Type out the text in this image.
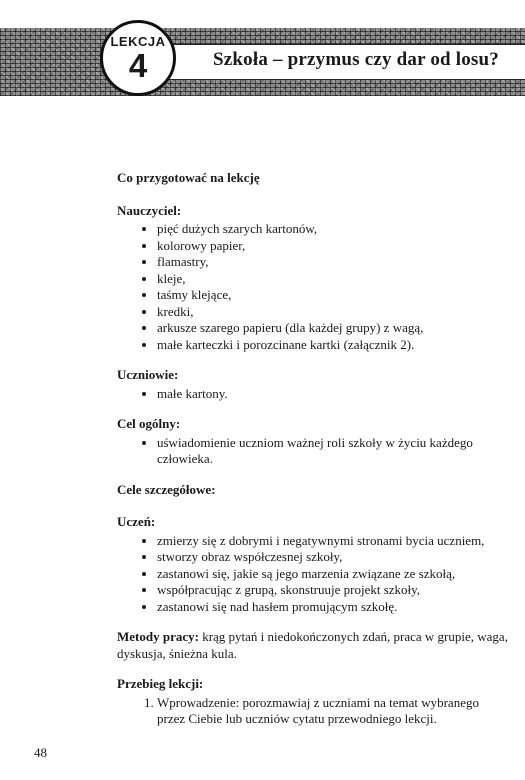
Szkoła – przymus czy dar od losu?
LEKCJA
4

Co przygotować na lekcję

Nauczyciel:

• pięć dużych szarych kartonów,
• kolorowy papier,
• flamastry,
• kleje,
• taśmy klejące,
• kredki,
• arkusze szarego papieru (dla każdej grupy) z wagą,
• małe karteczki i porozcinane kartki (załącznik 2).

Uczniowie:

• małe kartony.

Cel ogólny:

• uświadomienie uczniom ważnej roli szkoły w życiu każdego człowieka.

Cele szczegółowe:

Uczeń:

• zmierzy się z dobrymi i negatywnymi stronami bycia uczniem,
• stworzy obraz współczesnej szkoły,
• zastanowi się, jakie są jego marzenia związane ze szkołą,
• współpracując z grupą, skonstruuje projekt szkoły,
• zastanowi się nad hasłem promującym szkołę.

Metody pracy: krąg pytań i niedokończonych zdań, praca w grupie, waga, dyskusja, śnieżna kula.

Przebieg lekcji:

1. Wprowadzenie: porozmawiaj z uczniami na temat wybranego przez Ciebie lub uczniów cytatu przewodniego lekcji.
48
